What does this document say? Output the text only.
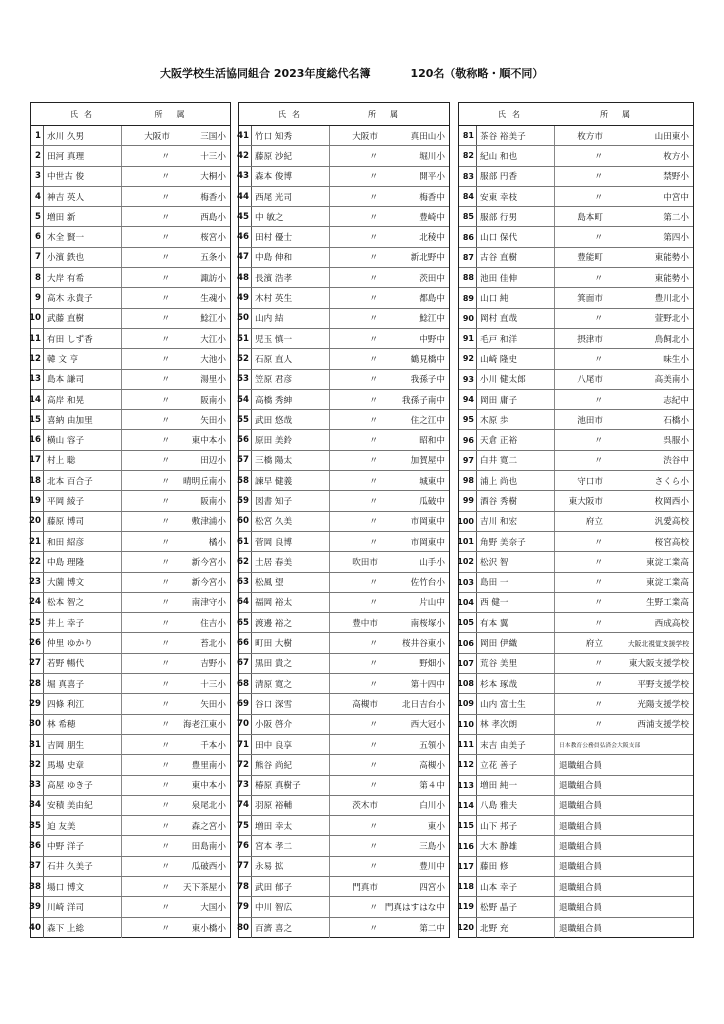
大阪学校生活協同組合 2023年度総代名簿	120名（敬称略・順不同）
氏名	所属
1 水川 久男	大阪市	三国小
2 田河 真理	〃	十三小
3 中世古 俊	〃	大桐小
4 神吉 英人	〃	梅香小
5 増田 新	〃	西島小
6 木全 賢一	〃	桜宮小
7 小濱 鉄也	〃	五条小
8 大岸 有希	〃	諏訪小
9 高木 永貴子	〃	生魂小
10 武藤 直樹	〃	鯰江小
11 有田 しず香	〃	大江小
12 韓 文 亨	〃	大池小
13 島本 謙司	〃	湯里小
14 高岸 和晃	〃	阪南小
15 喜納 由加里	〃	矢田小
16 横山 容子	〃	東中本小
17 村上 聡	〃	田辺小
18 北本 百合子	〃	晴明丘南小
19 平岡 綾子	〃	阪南小
20 藤原 博司	〃	敷津浦小
21 和田 紹彦	〃	橘小
22 中島 理隆	〃	新今宮小
23 大薗 博文	〃	新今宮小
24 松本 智之	〃	南津守小
25 井上 幸子	〃	住吉小
26 仲里 ゆかり	〃	苔北小
27 若野 暢代	〃	吉野小
28 堀 真喜子	〃	十三小
29 四條 利江	〃	矢田小
30 林 希穂	〃	海老江東小
31 吉岡 朋生	〃	千本小
32 馬場 史章	〃	豊里南小
33 高屋 ゆき子	〃	東中本小
34 安積 美由紀	〃	泉尾北小
35 迫 友美	〃	森之宮小
36 中野 洋子	〃	田島南小
37 石井 久美子	〃	瓜破西小
38 場口 博文	〃	天下茶屋小
39 川崎 洋司	〃	大国小
40 森下 上総	〃	東小橋小
氏名	所属
41 竹口 知秀	大阪市	真田山小
42 藤原 沙紀	〃	堀川小
43 森本 俊博	〃	開平小
44 西尾 光司	〃	梅香中
45 中 敏之	〃	豊崎中
46 田村 優士	〃	北稜中
47 中島 伸和	〃	新北野中
48 長濱 浩孝	〃	茨田中
49 木村 英生	〃	都島中
50 山内 結	〃	鯰江中
51 児玉 慎一	〃	中野中
52 石原 直人	〃	鶴見橋中
53 笠原 君彦	〃	我孫子中
54 高橋 秀紳	〃	我孫子南中
55 武田 悠哉	〃	住之江中
56 原田 美鈴	〃	昭和中
57 三橋 陽太	〃	加賀屋中
58 諫早 健義	〃	城東中
59 図書 知子	〃	瓜破中
60 松宮 久美	〃	市岡東中
61 菅岡 良博	〃	市岡東中
62 土居 春美	吹田市	山手小
63 松風 望	〃	佐竹台小
64 福岡 裕太	〃	片山中
65 渡邊 裕之	豊中市	南桜塚小
66 町田 大樹	〃	桜井谷東小
67 黒田 貴之	〃	野畑小
68 清原 寛之	〃	第十四中
69 谷口 深雪	高槻市	北日吉台小
70 小阪 啓介	〃	西大冠小
71 田中 良享	〃	五領小
72 熊谷 尚紀	〃	高槻小
73 椿原 真樹子	〃	第４中
74 羽原 裕輔	茨木市	白川小
75 増田 幸太	〃	東小
76 宮本 孝二	〃	三島小
77 永易 拡	〃	豊川中
78 武田 郁子	門真市	四宮小
79 中川 智広	〃 門真はすはな中
80 百濟 喜之	〃	第二中
氏名	所属
81 茶谷 裕美子	枚方市	山田東小
82 紀山 和也	〃	枚方小
83 服部 円香	〃	禁野小
84 安東 幸枝	〃	中宮中
85 服部 行男	島本町	第二小
86 山口 保代	〃	第四小
87 古谷 直樹	豊能町	東能勢小
88 池田 佳伸	〃	東能勢小
89 山口 純	箕面市	豊川北小
90 岡村 直哉	〃	萱野北小
91 毛戸 和洋	摂津市	鳥飼北小
92 山崎 隆史	〃	味生小
93 小川 健太郎	八尾市	高美南小
94 岡田 庸子	〃	志紀中
95 木原 歩	池田市	石橋小
96 天倉 正裕	〃	呉服小
97 白井 寛二	〃	渋谷中
98 浦上 尚也	守口市	さくら小
99 酒谷 秀樹	東大阪市	枚岡西小
100 吉川 和宏	府立	汎愛高校
101 角野 美奈子	〃	桜宮高校
102 松沢 智	〃	東淀工業高
103 島田 一	〃	東淀工業高
104 西 健一	〃	生野工業高
105 有本 翼	〃	西成高校
106 岡田 伊織	府立	大阪北視覚支援学校
107 荒谷 美里	〃	東大阪支援学校
108 杉本 琢哉	〃	平野支援学校
109 山内 富士生	〃	光陽支援学校
110 林 孝次朗	〃	西浦支援学校
111 末吉 由美子	日本教育公務員弘済会大阪支部
112 立花 善子	退職組合員
113 増田 純一	退職組合員
114 八島 雅夫	退職組合員
115 山下 邦子	退職組合員
116 大木 静雄	退職組合員
117 藤田 修	退職組合員
118 山本 幸子	退職組合員
119 松野 晶子	退職組合員
120 北野 充	退職組合員
